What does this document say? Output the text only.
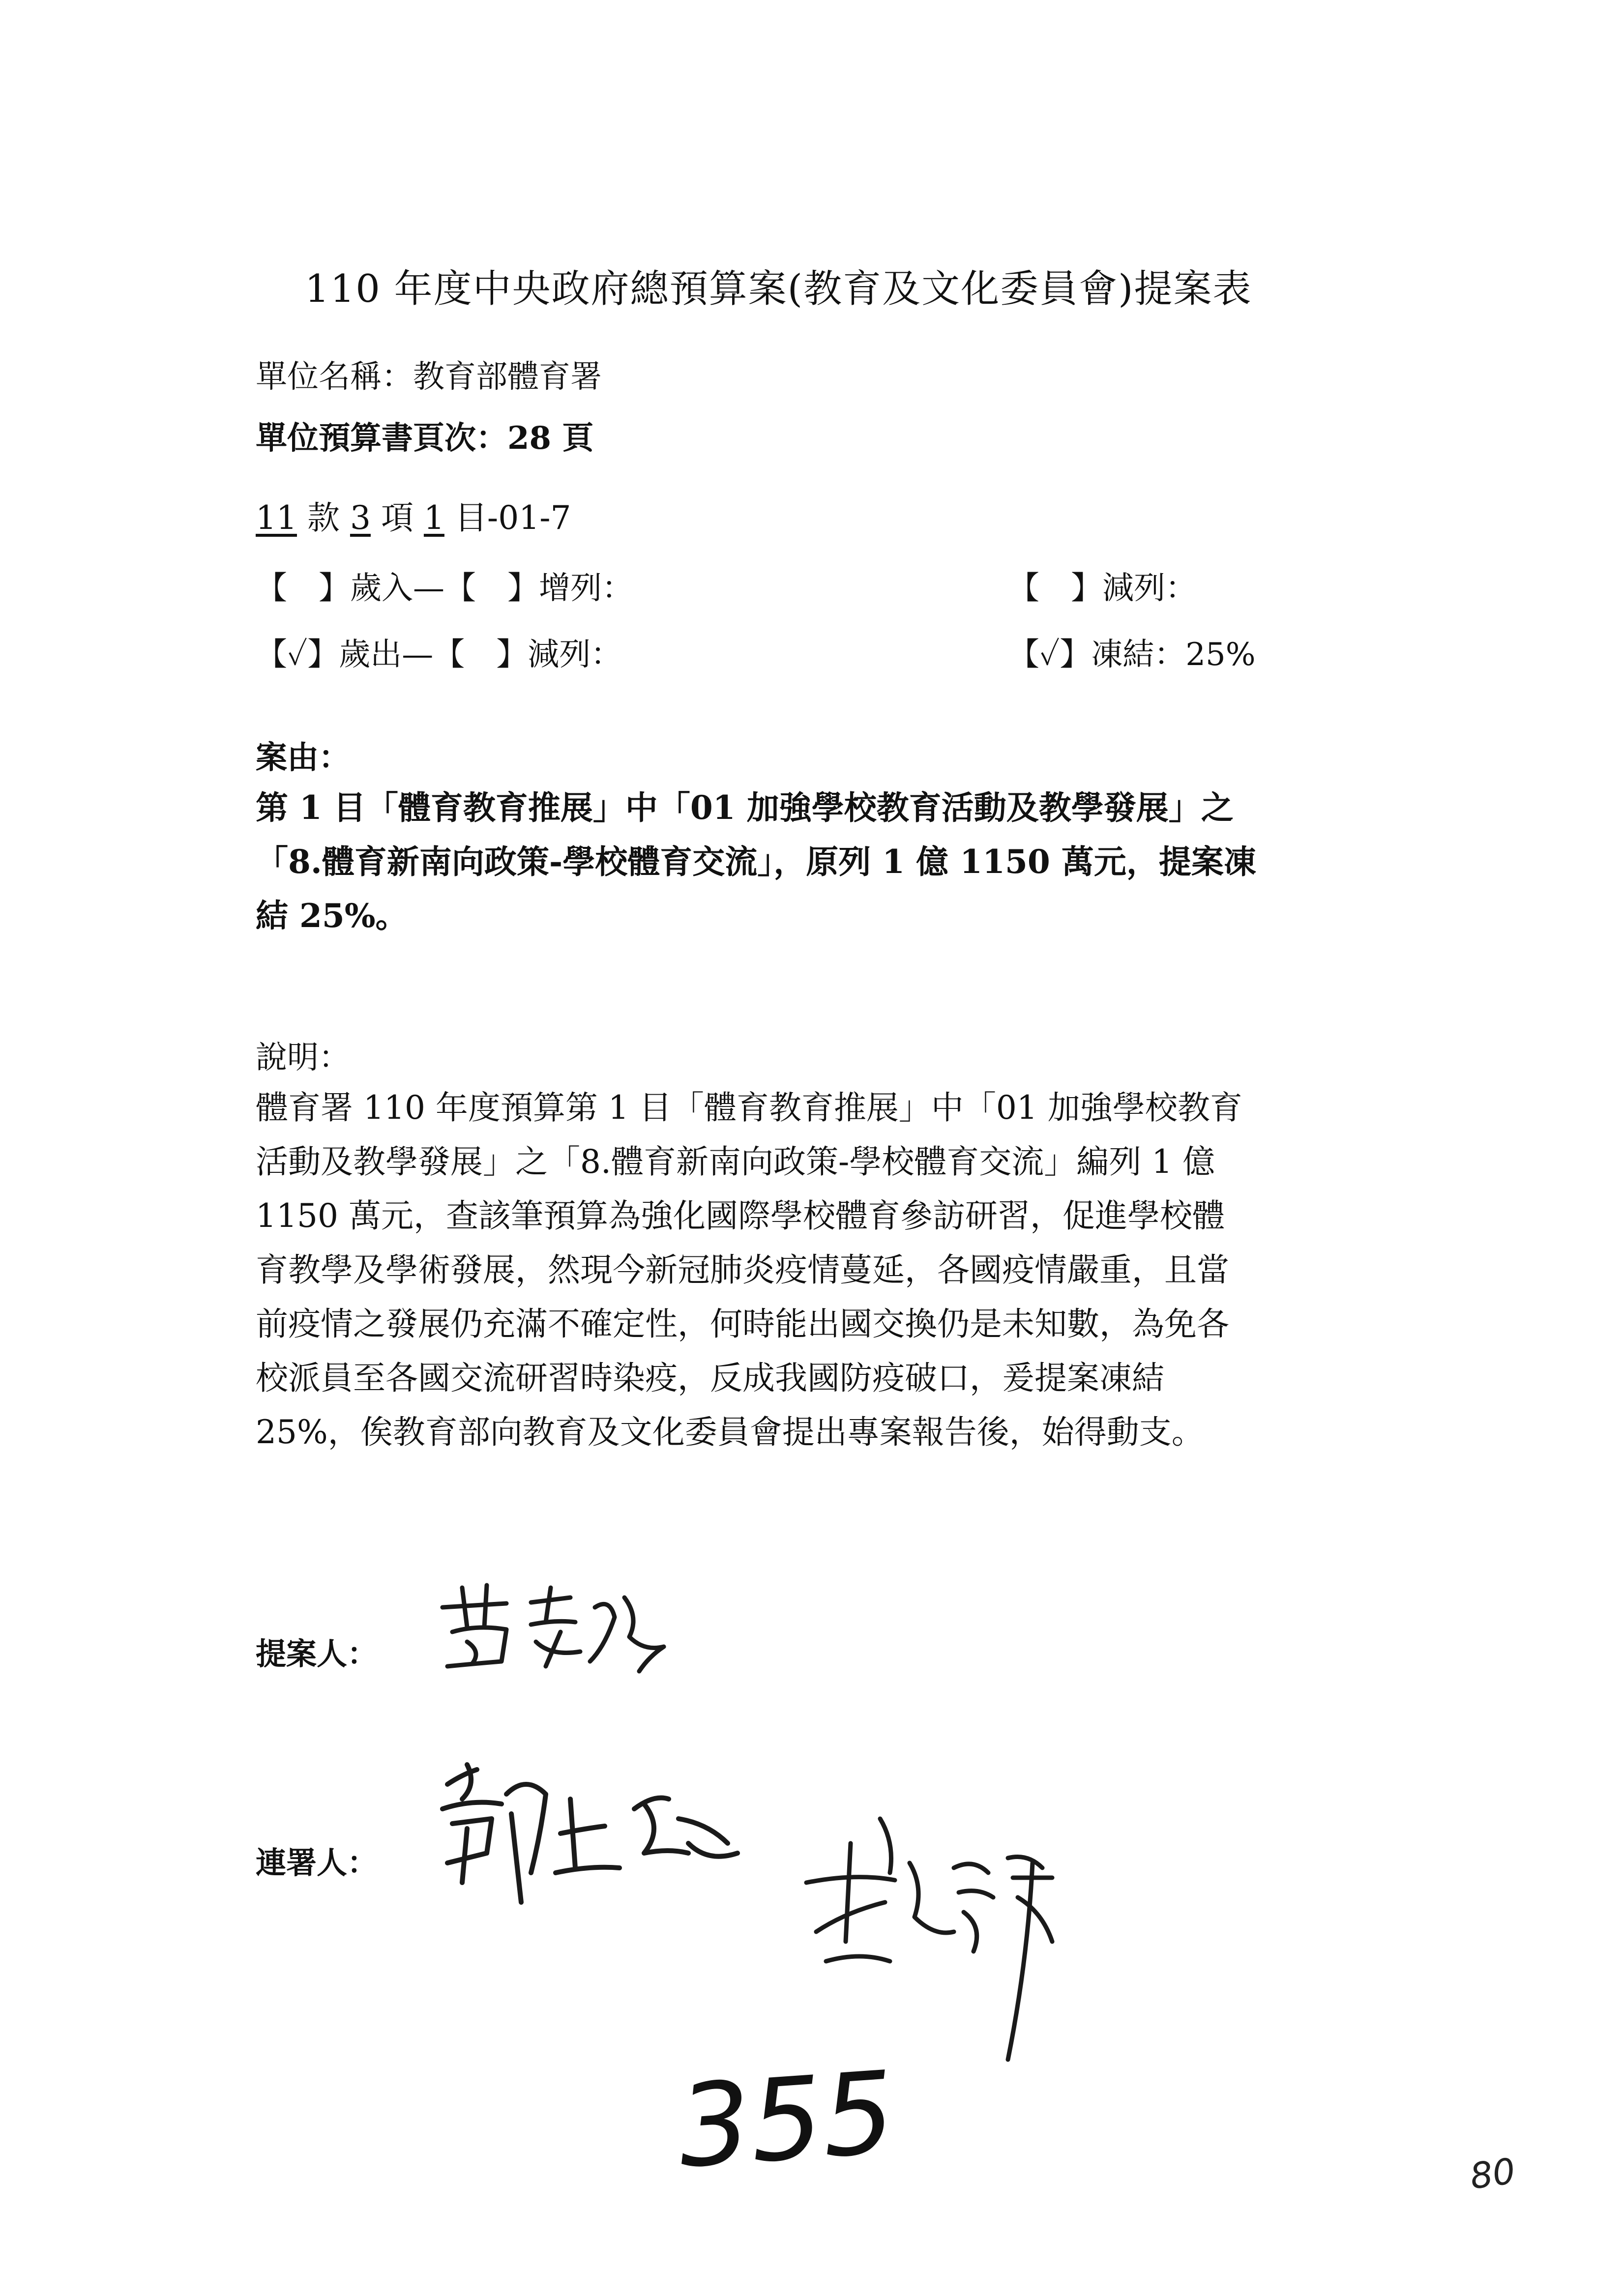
110 年度中央政府總預算案(教育及文化委員會)提案表
單位名稱：教育部體育署
單位預算書頁次：28 頁
11 款 3 項 1 目-01-7
【　】歲入—【　】增列：	【　】減列：
【✓】歲出—【　】減列：	【✓】凍結：25%
案由：
第 1 目「體育教育推展」中「01 加強學校教育活動及教學發展」之
「8.體育新南向政策-學校體育交流」，原列 1 億 1150 萬元，提案凍
結 25%。
說明：
體育署 110 年度預算第 1 目「體育教育推展」中「01 加強學校教育
活動及教學發展」之「8.體育新南向政策-學校體育交流」編列 1 億
1150 萬元，查該筆預算為強化國際學校體育參訪研習，促進學校體
育教學及學術發展，然現今新冠肺炎疫情蔓延，各國疫情嚴重，且當
前疫情之發展仍充滿不確定性，何時能出國交換仍是未知數，為免各
校派員至各國交流研習時染疫，反成我國防疫破口，爰提案凍結
25%，俟教育部向教育及文化委員會提出專案報告後，始得動支。
提案人：
連署人：
355	80
